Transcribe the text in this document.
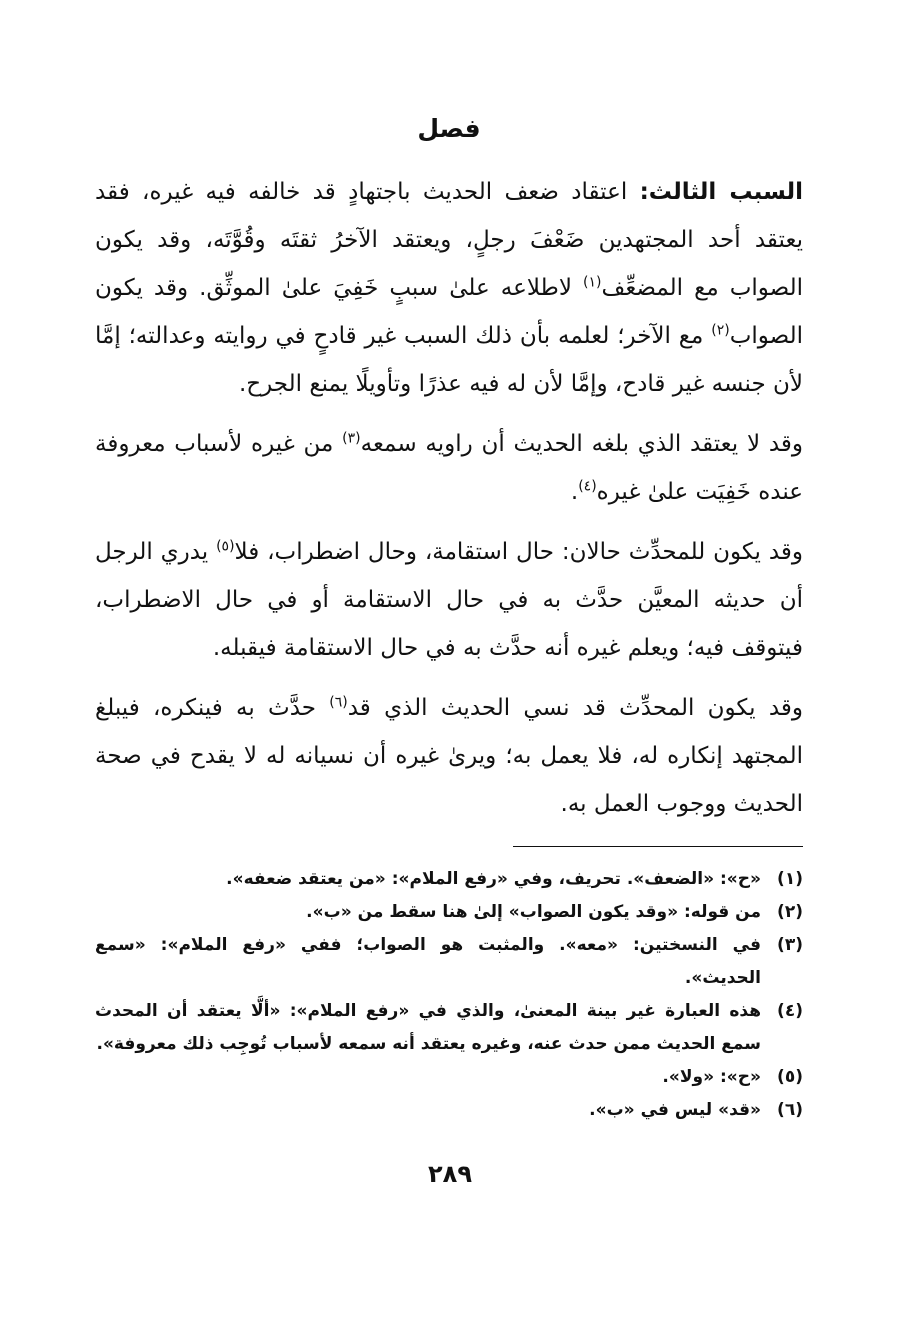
فصل

السبب الثالث: اعتقاد ضعف الحديث باجتهادٍ قد خالفه فيه غيره، فقد يعتقد أحد المجتهدين ضَعْفَ رجلٍ، ويعتقد الآخرُ ثقتَه وقُوَّتَه، وقد يكون الصواب مع المضعِّف$^{(١)}$ لاطلاعه علىٰ سببٍ خَفِيَ علىٰ الموثِّق. وقد يكون الصواب$^{(٢)}$ مع الآخر؛ لعلمه بأن ذلك السبب غير قادحٍ في روايته وعدالته؛ إمَّا لأن جنسه غير قادح، وإمَّا لأن له فيه عذرًا وتأويلًا يمنع الجرح.

وقد لا يعتقد الذي بلغه الحديث أن راويه سمعه$^{(٣)}$ من غيره لأسباب معروفة عنده خَفِيَت علىٰ غيره$^{(٤)}$.

وقد يكون للمحدِّث حالان: حال استقامة، وحال اضطراب، فلا$^{(٥)}$ يدري الرجل أن حديثه المعيَّن حدَّث به في حال الاستقامة أو في حال الاضطراب، فيتوقف فيه؛ ويعلم غيره أنه حدَّث به في حال الاستقامة فيقبله.

وقد يكون المحدِّث قد نسي الحديث الذي قد$^{(٦)}$ حدَّث به فينكره، فيبلغ المجتهد إنكاره له، فلا يعمل به؛ ويرىٰ غيره أن نسيانه له لا يقدح في صحة الحديث ووجوب العمل به.

(١)
«ح»: «الضعف». تحريف، وفي «رفع الملام»: «من يعتقد ضعفه».
(٢)
من قوله: «وقد يكون الصواب» إلىٰ هنا سقط من «ب».
(٣)
في النسختين: «معه». والمثبت هو الصواب؛ ففي «رفع الملام»: «سمع الحديث».
(٤)
هذه العبارة غير بينة المعنىٰ، والذي في «رفع الملام»: «ألَّا يعتقد أن المحدث سمع الحديث ممن حدث عنه، وغيره يعتقد أنه سمعه لأسباب تُوجِب ذلك معروفة».
(٥)
«ح»: «ولا».
(٦)
«قد» ليس في «ب».
٢٨٩
